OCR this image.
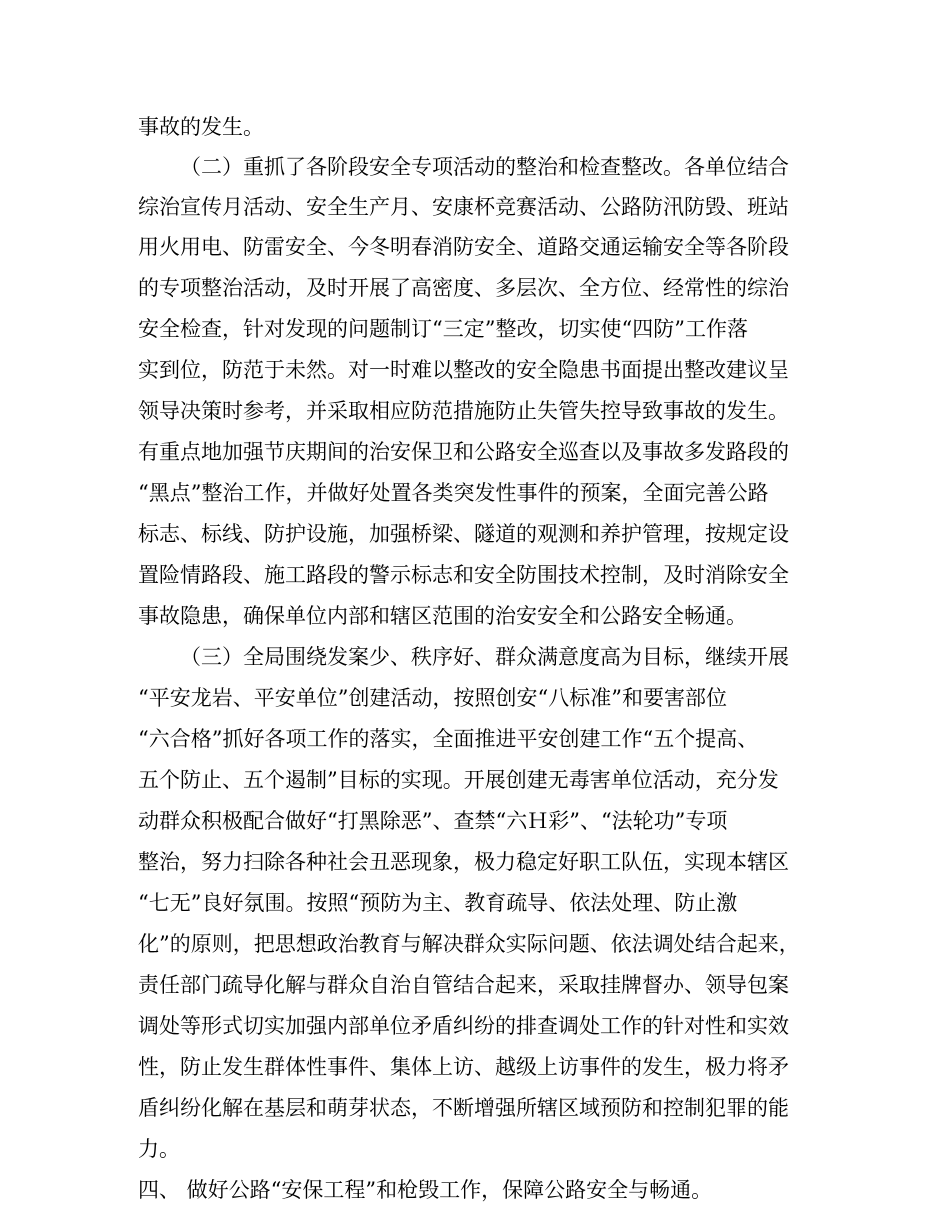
事故的发生。
（二）重抓了各阶段安全专项活动的整治和检查整改。各单位结合
综治宣传月活动、安全生产月、安康杯竞赛活动、公路防汛防毁、班站
用火用电、防雷安全、今冬明春消防安全、道路交通运输安全等各阶段
的专项整治活动，及时开展了高密度、多层次、全方位、经常性的综治
安全检查，针对发现的问题制订“三定”整改，切实使“四防”工作落
实到位，防范于未然。对一时难以整改的安全隐患书面提出整改建议呈
领导决策时参考，并采取相应防范措施防止失管失控导致事故的发生。
有重点地加强节庆期间的治安保卫和公路安全巡查以及事故多发路段的
“黑点”整治工作，并做好处置各类突发性事件的预案，全面完善公路
标志、标线、防护设施，加强桥梁、隧道的观测和养护管理，按规定设
置险情路段、施工路段的警示标志和安全防围技术控制，及时消除安全
事故隐患，确保单位内部和辖区范围的治安安全和公路安全畅通。
（三）全局围绕发案少、秩序好、群众满意度高为目标，继续开展
“平安龙岩、平安单位”创建活动，按照创安“八标准”和要害部位
“六合格”抓好各项工作的落实，全面推进平安创建工作“五个提高、
五个防止、五个遏制”目标的实现。开展创建无毒害单位活动，充分发
动群众积极配合做好“打黑除恶”、查禁“六Ｈ彩”、“法轮功”专项
整治，努力扫除各种社会丑恶现象，极力稳定好职工队伍，实现本辖区
“七无”良好氛围。按照“预防为主、教育疏导、依法处理、防止激
化”的原则，把思想政治教育与解决群众实际问题、依法调处结合起来，
责任部门疏导化解与群众自治自管结合起来，采取挂牌督办、领导包案
调处等形式切实加强内部单位矛盾纠纷的排查调处工作的针对性和实效
性，防止发生群体性事件、集体上访、越级上访事件的发生，极力将矛
盾纠纷化解在基层和萌芽状态，不断增强所辖区域预防和控制犯罪的能
力。
四、 做好公路“安保工程”和枪毁工作，保障公路安全与畅通。
